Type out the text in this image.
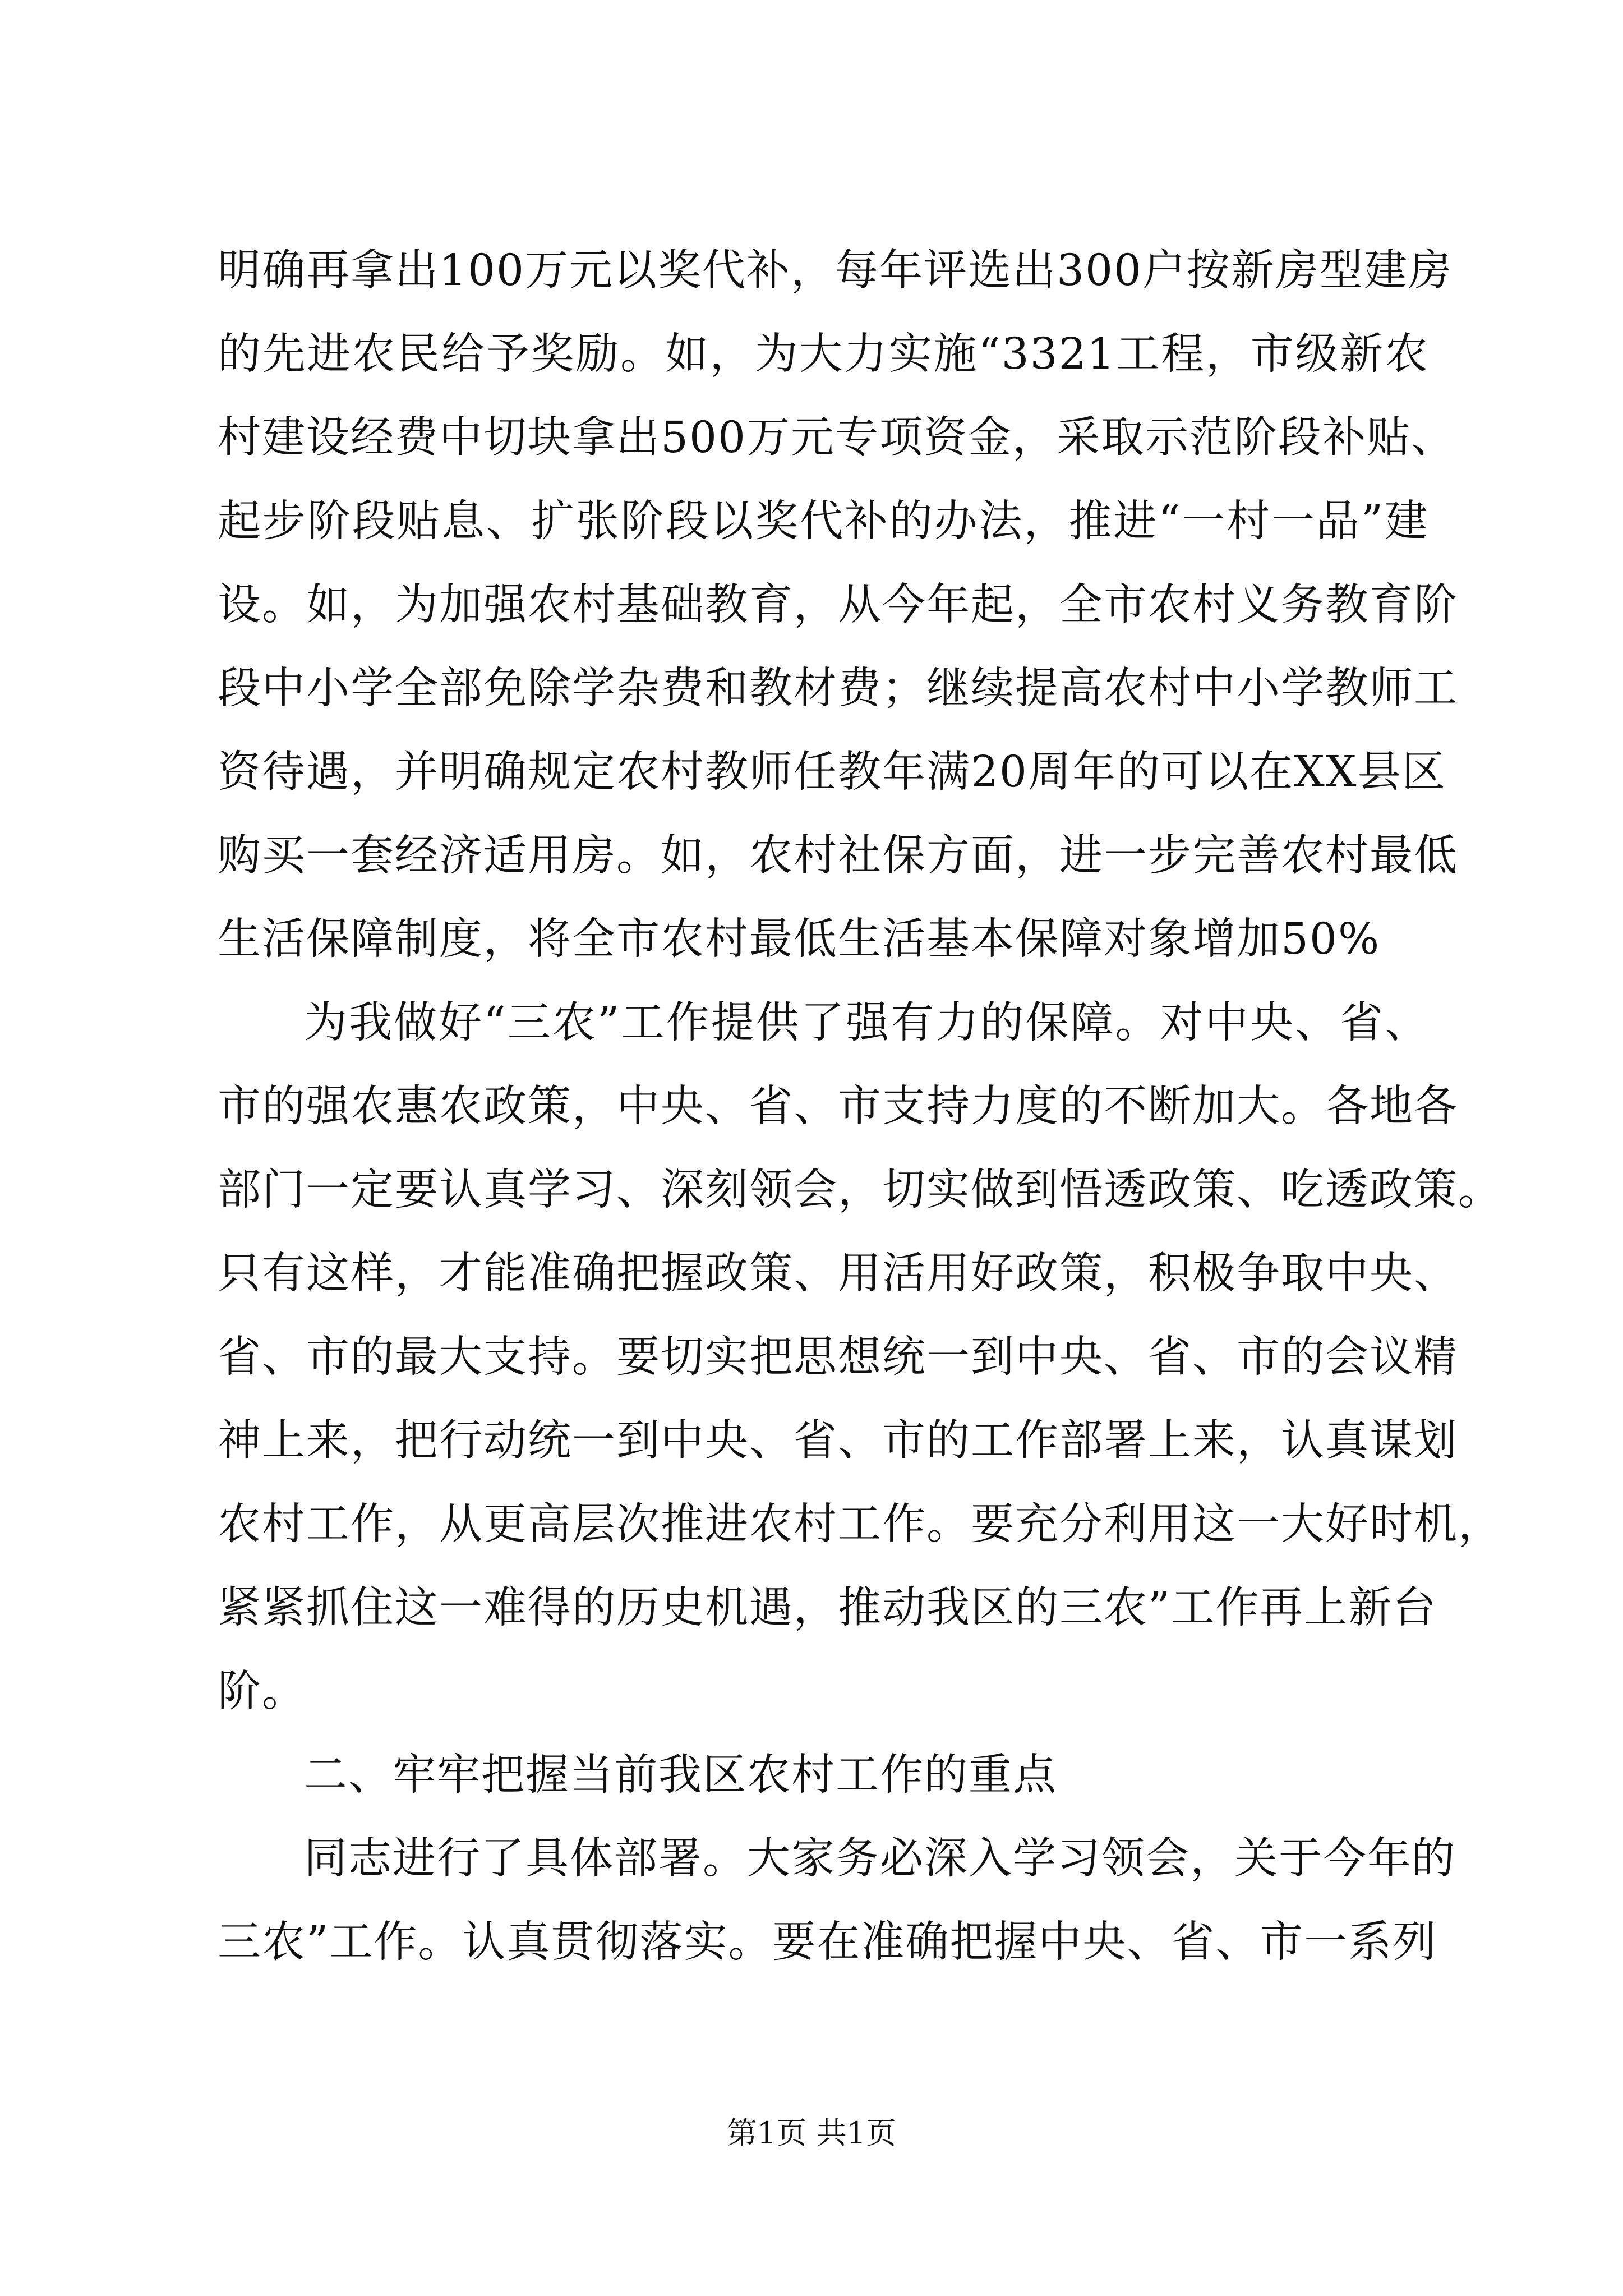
明确再拿出100万元以奖代补，每年评选出300户按新房型建房
的先进农民给予奖励。如，为大力实施“3321工程，市级新农
村建设经费中切块拿出500万元专项资金，采取示范阶段补贴、
起步阶段贴息、扩张阶段以奖代补的办法，推进“一村一品”建
设。如，为加强农村基础教育，从今年起，全市农村义务教育阶
段中小学全部免除学杂费和教材费；继续提高农村中小学教师工
资待遇，并明确规定农村教师任教年满20周年的可以在XX县区
购买一套经济适用房。如，农村社保方面，进一步完善农村最低
生活保障制度，将全市农村最低生活基本保障对象增加50%
为我做好“三农”工作提供了强有力的保障。对中央、省、
市的强农惠农政策，中央、省、市支持力度的不断加大。各地各
部门一定要认真学习、深刻领会，切实做到悟透政策、吃透政策。
只有这样，才能准确把握政策、用活用好政策，积极争取中央、
省、市的最大支持。要切实把思想统一到中央、省、市的会议精
神上来，把行动统一到中央、省、市的工作部署上来，认真谋划
农村工作，从更高层次推进农村工作。要充分利用这一大好时机，
紧紧抓住这一难得的历史机遇，推动我区的三农”工作再上新台
阶。
二、牢牢把握当前我区农村工作的重点
同志进行了具体部署。大家务必深入学习领会，关于今年的
三农”工作。认真贯彻落实。要在准确把握中央、省、市一系列
第1页 共1页
